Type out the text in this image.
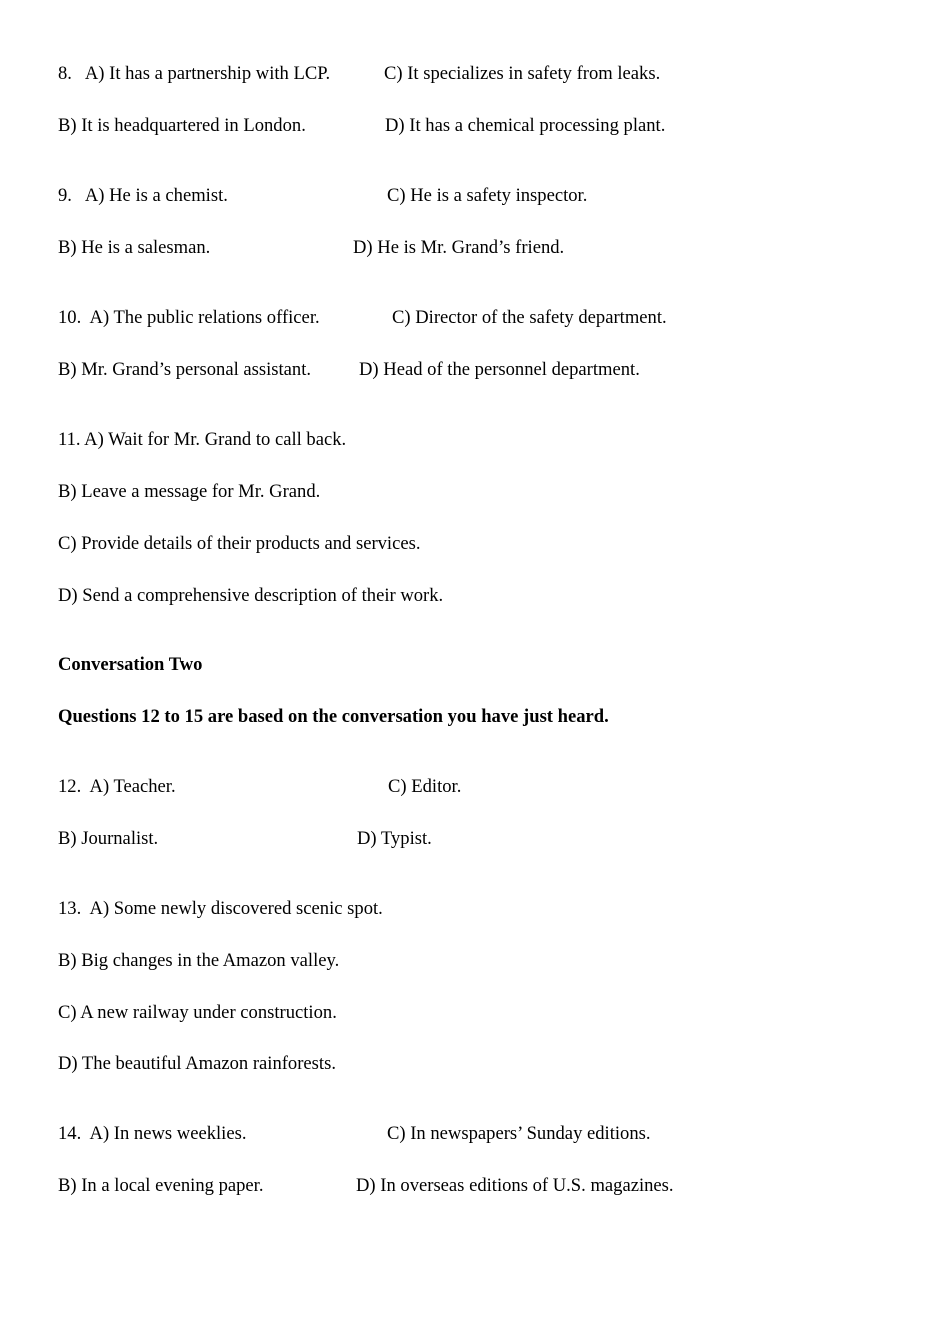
8.   A) It has a partnership with LCP.	C) It specializes in safety from leaks.
B) It is headquartered in London.	D) It has a chemical processing plant.
9.   A) He is a chemist.	C) He is a safety inspector.
B) He is a salesman.	D) He is Mr. Grand’s friend.
10.  A) The public relations officer.	C) Director of the safety department.
B) Mr. Grand’s personal assistant.	D) Head of the personnel department.
11. A) Wait for Mr. Grand to call back.
B) Leave a message for Mr. Grand.
C) Provide details of their products and services.
D) Send a comprehensive description of their work.
Conversation Two
Questions 12 to 15 are based on the conversation you have just heard.
12.  A) Teacher.	C) Editor.
B) Journalist.	D) Typist.
13.  A) Some newly discovered scenic spot.
B) Big changes in the Amazon valley.
C) A new railway under construction.
D) The beautiful Amazon rainforests.
14.  A) In news weeklies.	C) In newspapers’ Sunday editions.
B) In a local evening paper.	D) In overseas editions of U.S. magazines.
